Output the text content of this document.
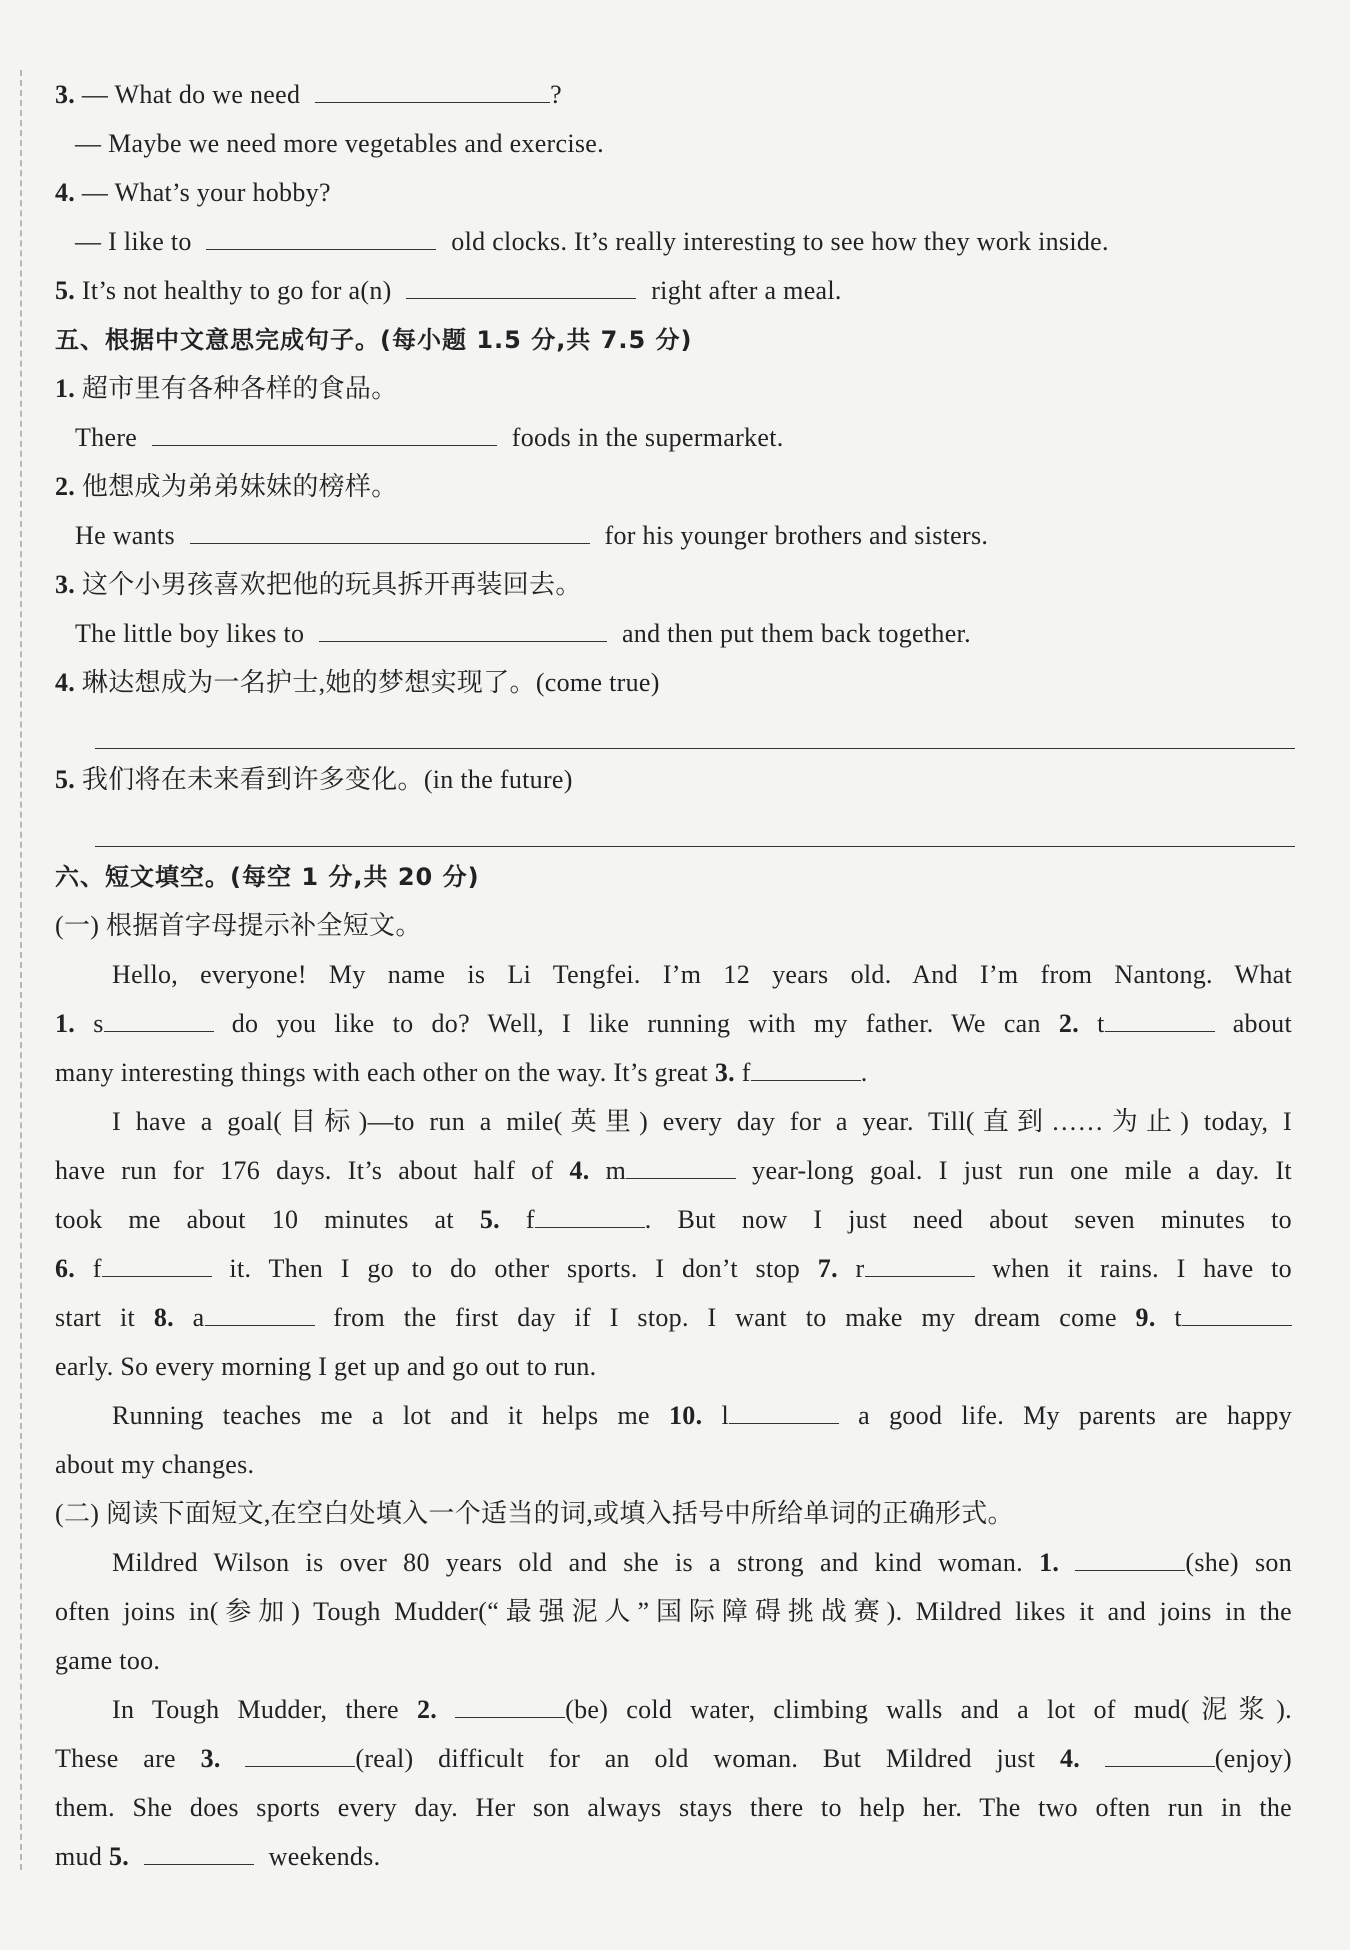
3. — What do we need	?
— Maybe we need more vegetables and exercise.
4. — What’s your hobby?
— I like to	old clocks. It’s really interesting to see how they work inside.
5. It’s not healthy to go for a(n)	right after a meal.
五、根据中文意思完成句子。(每小题 1.5 分,共 7.5 分)
1. 超市里有各种各样的食品。
There	foods in the supermarket.
2. 他想成为弟弟妹妹的榜样。
He wants	for his younger brothers and sisters.
3. 这个小男孩喜欢把他的玩具拆开再装回去。
The little boy likes to	and then put them back together.
4. 琳达想成为一名护士,她的梦想实现了。(come true)
5. 我们将在未来看到许多变化。(in the future)
六、短文填空。(每空 1 分,共 20 分)
(一) 根据首字母提示补全短文。
Hello, everyone! My name is Li Tengfei. I’m 12 years old. And I’m from Nantong. What
1. s	do you like to do? Well, I like running with my father. We can 2. t	about
many interesting things with each other on the way. It’s great 3. f	.
I have a goal(目标)—to run a mile(英里) every day for a year. Till(直到……为止) today, I
have run for 176 days. It’s about half of 4. m	year-long goal. I just run one mile a day. It
took me about 10 minutes at 5. f	. But now I just need about seven minutes to
6. f	it. Then I go to do other sports. I don’t stop 7. r	when it rains. I have to
start it 8. a	from the first day if I stop. I want to make my dream come 9. t
early. So every morning I get up and go out to run.
Running teaches me a lot and it helps me 10. l	a good life. My parents are happy
about my changes.
(二) 阅读下面短文,在空白处填入一个适当的词,或填入括号中所给单词的正确形式。
Mildred Wilson is over 80 years old and she is a strong and kind woman. 1.	(she) son
often joins in(参加) Tough Mudder(“最强泥人”国际障碍挑战赛). Mildred likes it and joins in the
game too.
In Tough Mudder, there 2.	(be) cold water, climbing walls and a lot of mud(泥浆).
These are 3.	(real) difficult for an old woman. But Mildred just 4.	(enjoy)
them. She does sports every day. Her son always stays there to help her. The two often run in the
mud 5.	weekends.
